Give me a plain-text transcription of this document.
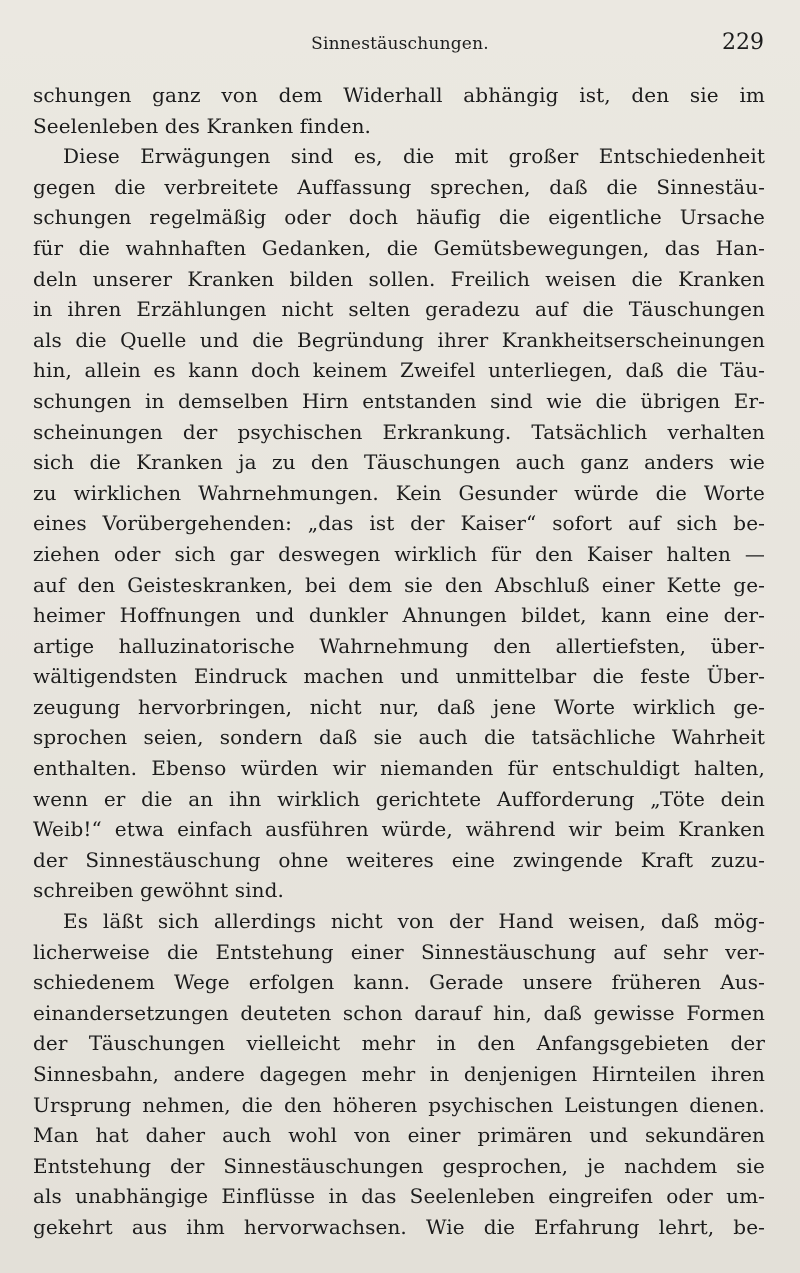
Sinnestäuschungen.	229
schungen ganz von dem Widerhall abhängig ist, den sie im
Seelenleben des Kranken finden.
Diese Erwägungen sind es, die mit großer Entschiedenheit
gegen die verbreitete Auffassung sprechen, daß die Sinnestäu-
schungen regelmäßig oder doch häufig die eigentliche Ursache
für die wahnhaften Gedanken, die Gemütsbewegungen, das Han-
deln unserer Kranken bilden sollen. Freilich weisen die Kranken
in ihren Erzählungen nicht selten geradezu auf die Täuschungen
als die Quelle und die Begründung ihrer Krankheitserscheinungen
hin, allein es kann doch keinem Zweifel unterliegen, daß die Täu-
schungen in demselben Hirn entstanden sind wie die übrigen Er-
scheinungen der psychischen Erkrankung. Tatsächlich verhalten
sich die Kranken ja zu den Täuschungen auch ganz anders wie
zu wirklichen Wahrnehmungen. Kein Gesunder würde die Worte
eines Vorübergehenden: „das ist der Kaiser“ sofort auf sich be-
ziehen oder sich gar deswegen wirklich für den Kaiser halten —
auf den Geisteskranken, bei dem sie den Abschluß einer Kette ge-
heimer Hoffnungen und dunkler Ahnungen bildet, kann eine der-
artige halluzinatorische Wahrnehmung den allertiefsten, über-
wältigendsten Eindruck machen und unmittelbar die feste Über-
zeugung hervorbringen, nicht nur, daß jene Worte wirklich ge-
sprochen seien, sondern daß sie auch die tatsächliche Wahrheit
enthalten. Ebenso würden wir niemanden für entschuldigt halten,
wenn er die an ihn wirklich gerichtete Aufforderung „Töte dein
Weib!“ etwa einfach ausführen würde, während wir beim Kranken
der Sinnestäuschung ohne weiteres eine zwingende Kraft zuzu-
schreiben gewöhnt sind.
Es läßt sich allerdings nicht von der Hand weisen, daß mög-
licherweise die Entstehung einer Sinnestäuschung auf sehr ver-
schiedenem Wege erfolgen kann. Gerade unsere früheren Aus-
einandersetzungen deuteten schon darauf hin, daß gewisse Formen
der Täuschungen vielleicht mehr in den Anfangsgebieten der
Sinnesbahn, andere dagegen mehr in denjenigen Hirnteilen ihren
Ursprung nehmen, die den höheren psychischen Leistungen dienen.
Man hat daher auch wohl von einer primären und sekundären
Entstehung der Sinnestäuschungen gesprochen, je nachdem sie
als unabhängige Einflüsse in das Seelenleben eingreifen oder um-
gekehrt aus ihm hervorwachsen. Wie die Erfahrung lehrt, be-
